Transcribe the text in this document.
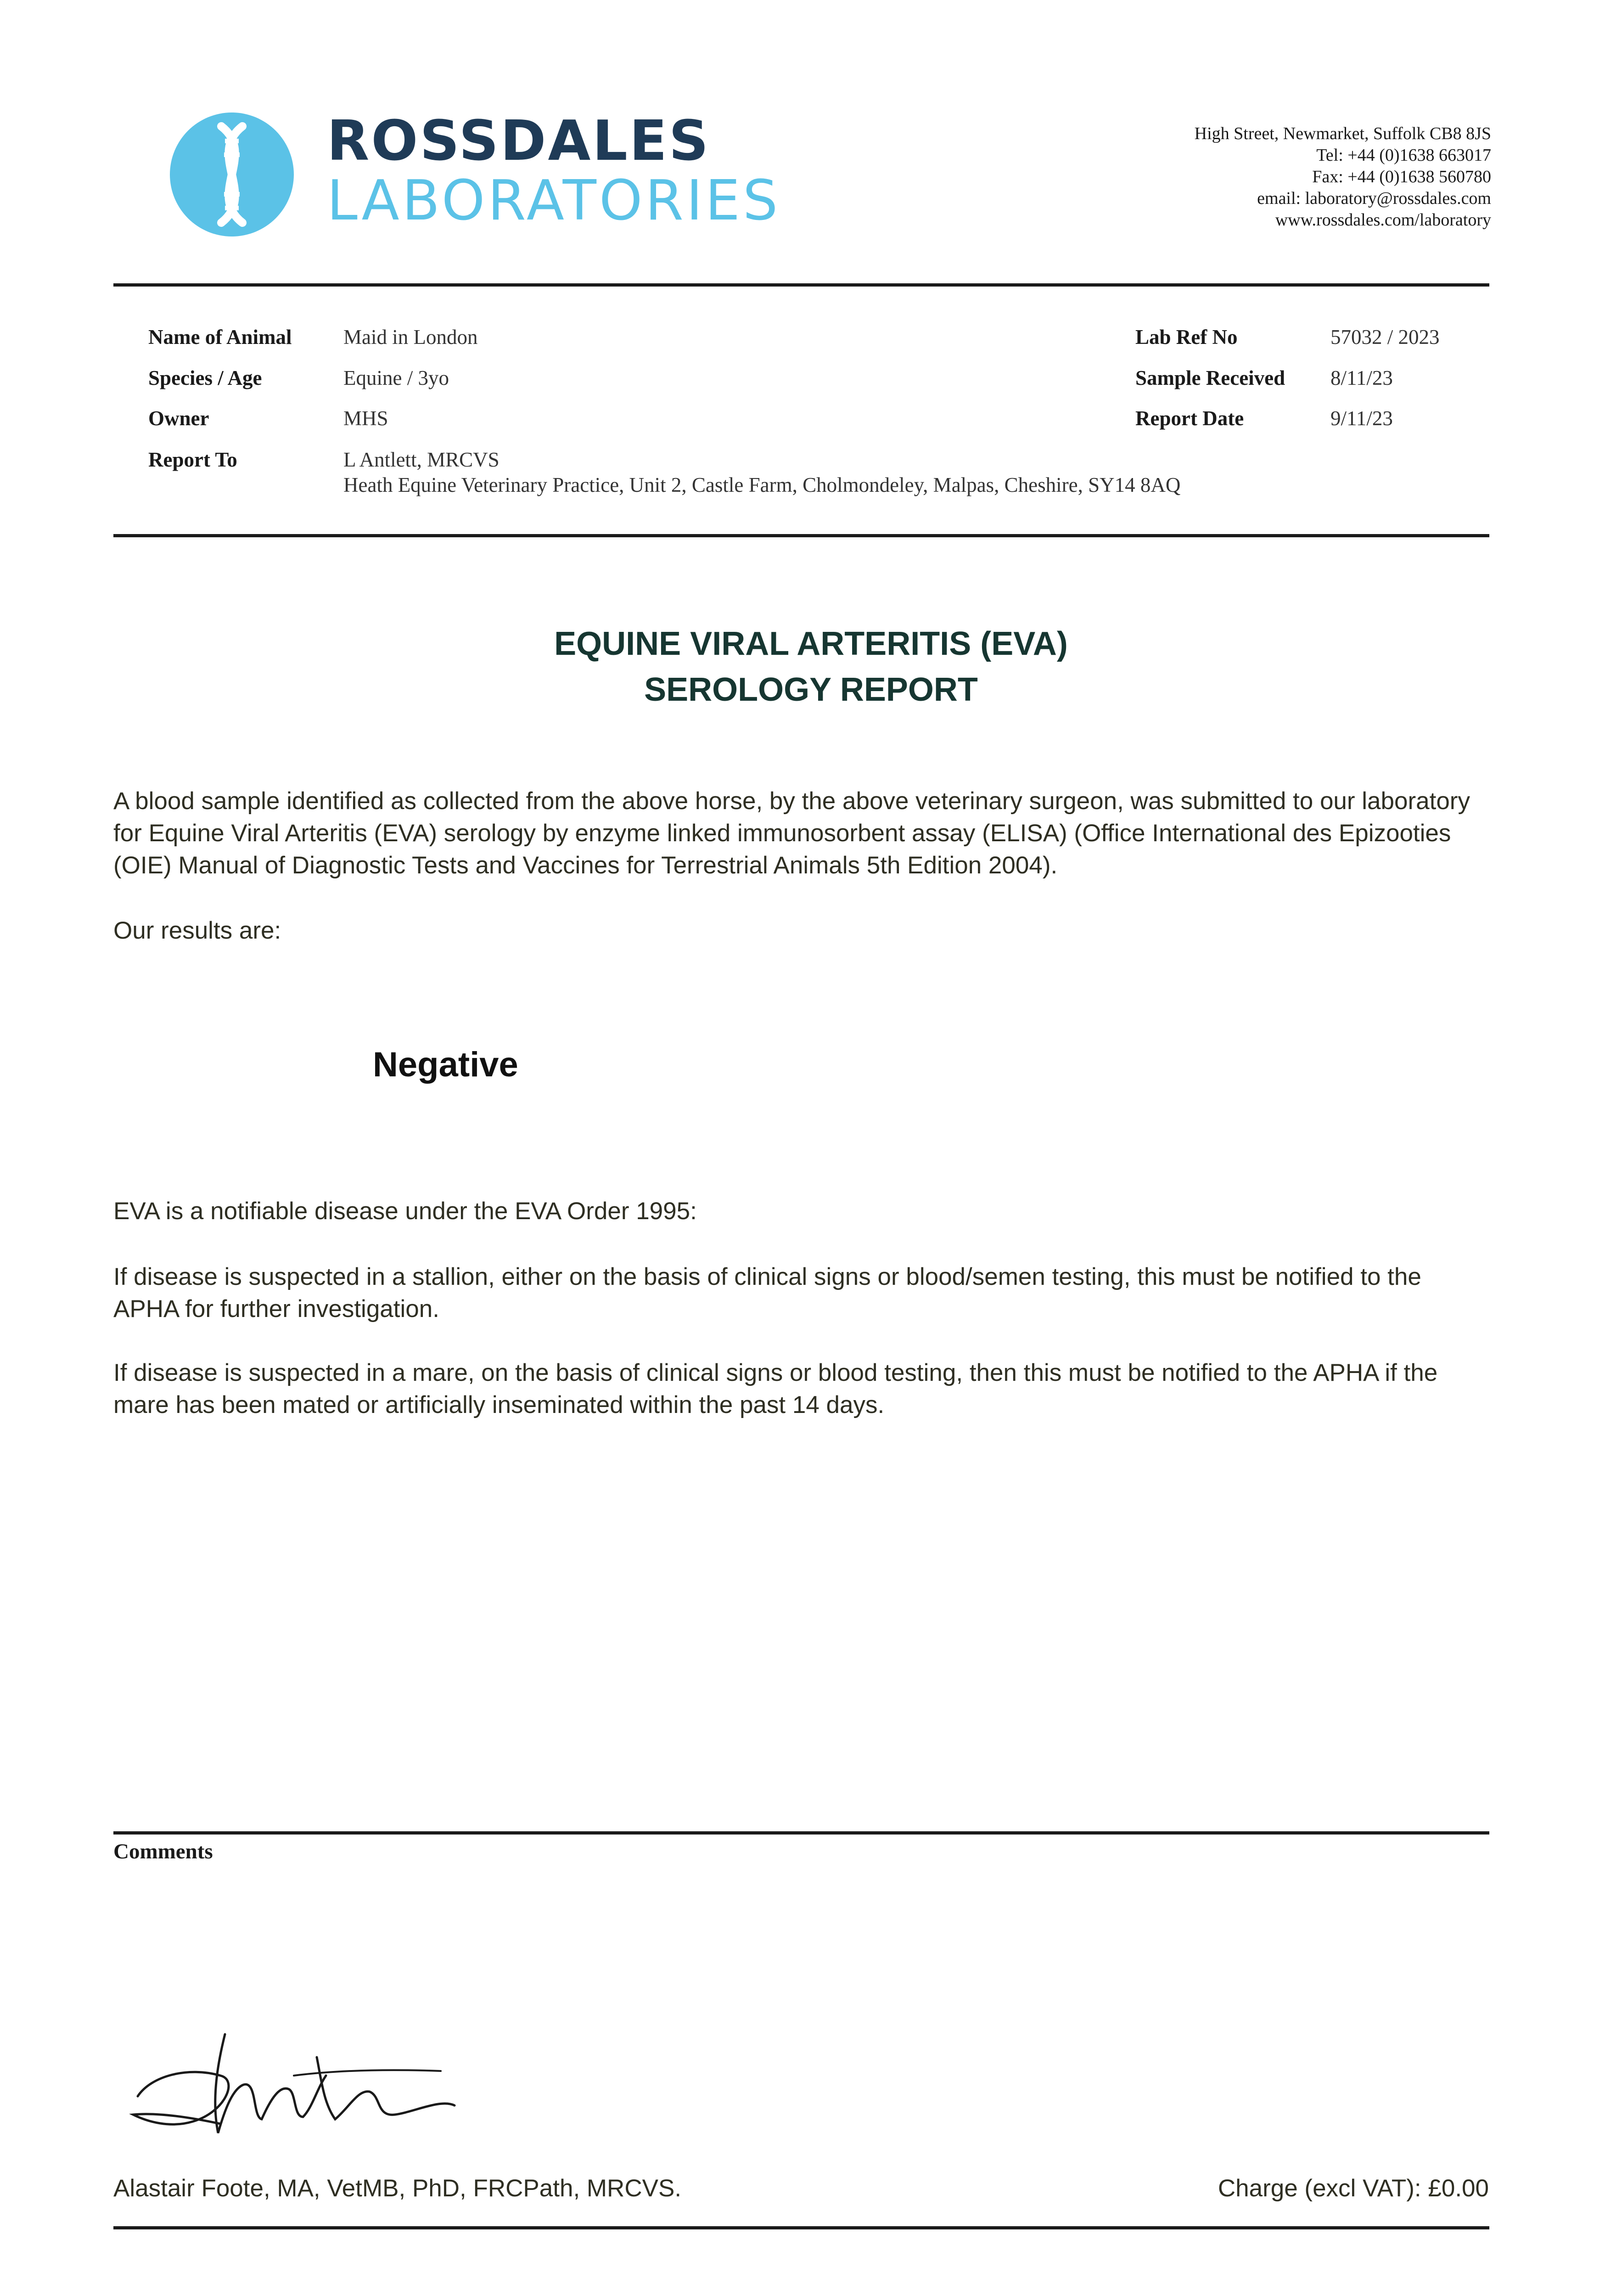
ROSSDALES
LABORATORIES
High Street, Newmarket, Suffolk CB8 8JS
Tel: +44 (0)1638 663017
Fax: +44 (0)1638 560780
email: laboratory@rossdales.com
www.rossdales.com/laboratory
Name of Animal	Maid in London
Species / Age	Equine / 3yo
Owner	MHS
Report To	L Antlett, MRCVS
Heath Equine Veterinary Practice, Unit 2, Castle Farm, Cholmondeley, Malpas, Cheshire, SY14 8AQ
Lab Ref No	57032 / 2023
Sample Received 8/11/23
Report Date	9/11/23
EQUINE VIRAL ARTERITIS (EVA)
SEROLOGY REPORT
A blood sample identified as collected from the above horse, by the above veterinary surgeon, was submitted to our laboratory for Equine Viral Arteritis (EVA) serology by enzyme linked immunosorbent assay (ELISA) (Office International des Epizooties (OIE) Manual of Diagnostic Tests and Vaccines for Terrestrial Animals 5th Edition 2004).
Our results are:
Negative
EVA is a notifiable disease under the EVA Order 1995:
If disease is suspected in a stallion, either on the basis of clinical signs or blood/semen testing, this must be notified to the APHA for further investigation.
If disease is suspected in a mare, on the basis of clinical signs or blood testing, then this must be notified to the APHA if the mare has been mated or artificially inseminated within the past 14 days.
Comments
Alastair Foote, MA, VetMB, PhD, FRCPath, MRCVS.	Charge (excl VAT): £0.00
